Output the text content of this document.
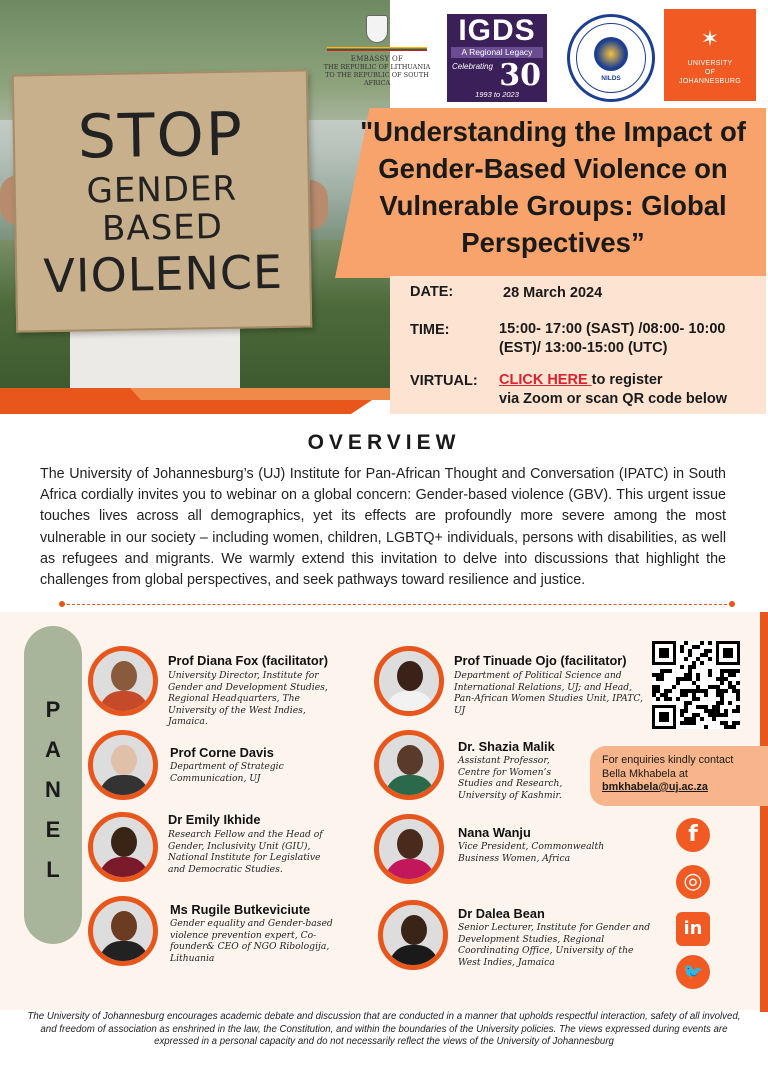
STOP
GENDER
BASED
VIOLENCE
EMBASSY OF
THE REPUBLIC OF LITHUANIA
TO THE REPUBLIC OF SOUTH AFRICA
IGDS
A Regional Legacy
Celebrating 30
1993 to 2023
NILDS
✶
UNIVERSITY
OF
JOHANNESBURG
"Understanding the Impact of Gender-Based Violence on Vulnerable Groups: Global Perspectives”
DATE:	28 March 2024
TIME:	15:00- 17:00 (SAST) /08:00- 10:00 (EST)/ 13:00-15:00 (UTC)
VIRTUAL: CLICK HERE to register
via Zoom or scan QR code below
OVERVIEW
The University of Johannesburg’s (UJ) Institute for Pan-African Thought and Conversation (IPATC) in South Africa cordially invites you to webinar on a global concern: Gender-based violence (GBV). This urgent issue touches lives across all demographics, yet its effects are profoundly more severe among the most vulnerable in our society – including women, children, LGBTQ+ individuals, persons with disabilities, as well as refugees and migrants. We warmly extend this invitation to delve into discussions that highlight the challenges from global perspectives, and seek pathways toward resilience and justice.
P
A
N
E
L
Prof Diana Fox (facilitator)
University Director, Institute for Gender and Development Studies, Regional Headquarters, The University of the West Indies, Jamaica.
Prof Corne Davis
Department of Strategic Communication, UJ
Dr Emily Ikhide
Research Fellow and the Head of Gender, Inclusivity Unit (GIU), National Institute for Legislative and Democratic Studies.
Ms Rugile Butkeviciute
Gender equality and Gender-based violence prevention expert, Co-founder& CEO of NGO Ribologija, Lithuania
Prof Tinuade Ojo (facilitator)
Department of Political Science and International Relations, UJ; and Head, Pan-African Women Studies Unit, IPATC, UJ
Dr. Shazia Malik
Assistant Professor, Centre for Women’s Studies and Research, University of Kashmir.
Nana Wanju
Vice President, Commonwealth Business Women, Africa
Dr Dalea Bean
Senior Lecturer, Institute for Gender and Development Studies, Regional Coordinating Office, University of the West Indies, Jamaica
For enquiries kindly contact
Bella Mkhabela at
bmkhabela@uj.ac.za
f
◎
in
🐦
The University of Johannesburg encourages academic debate and discussion that are conducted in a manner that upholds respectful interaction, safety of all involved, and freedom of association as enshrined in the law, the Constitution, and within the boundaries of the University policies. The views expressed during events are expressed in a personal capacity and do not necessarily reflect the views of the University of Johannesburg
